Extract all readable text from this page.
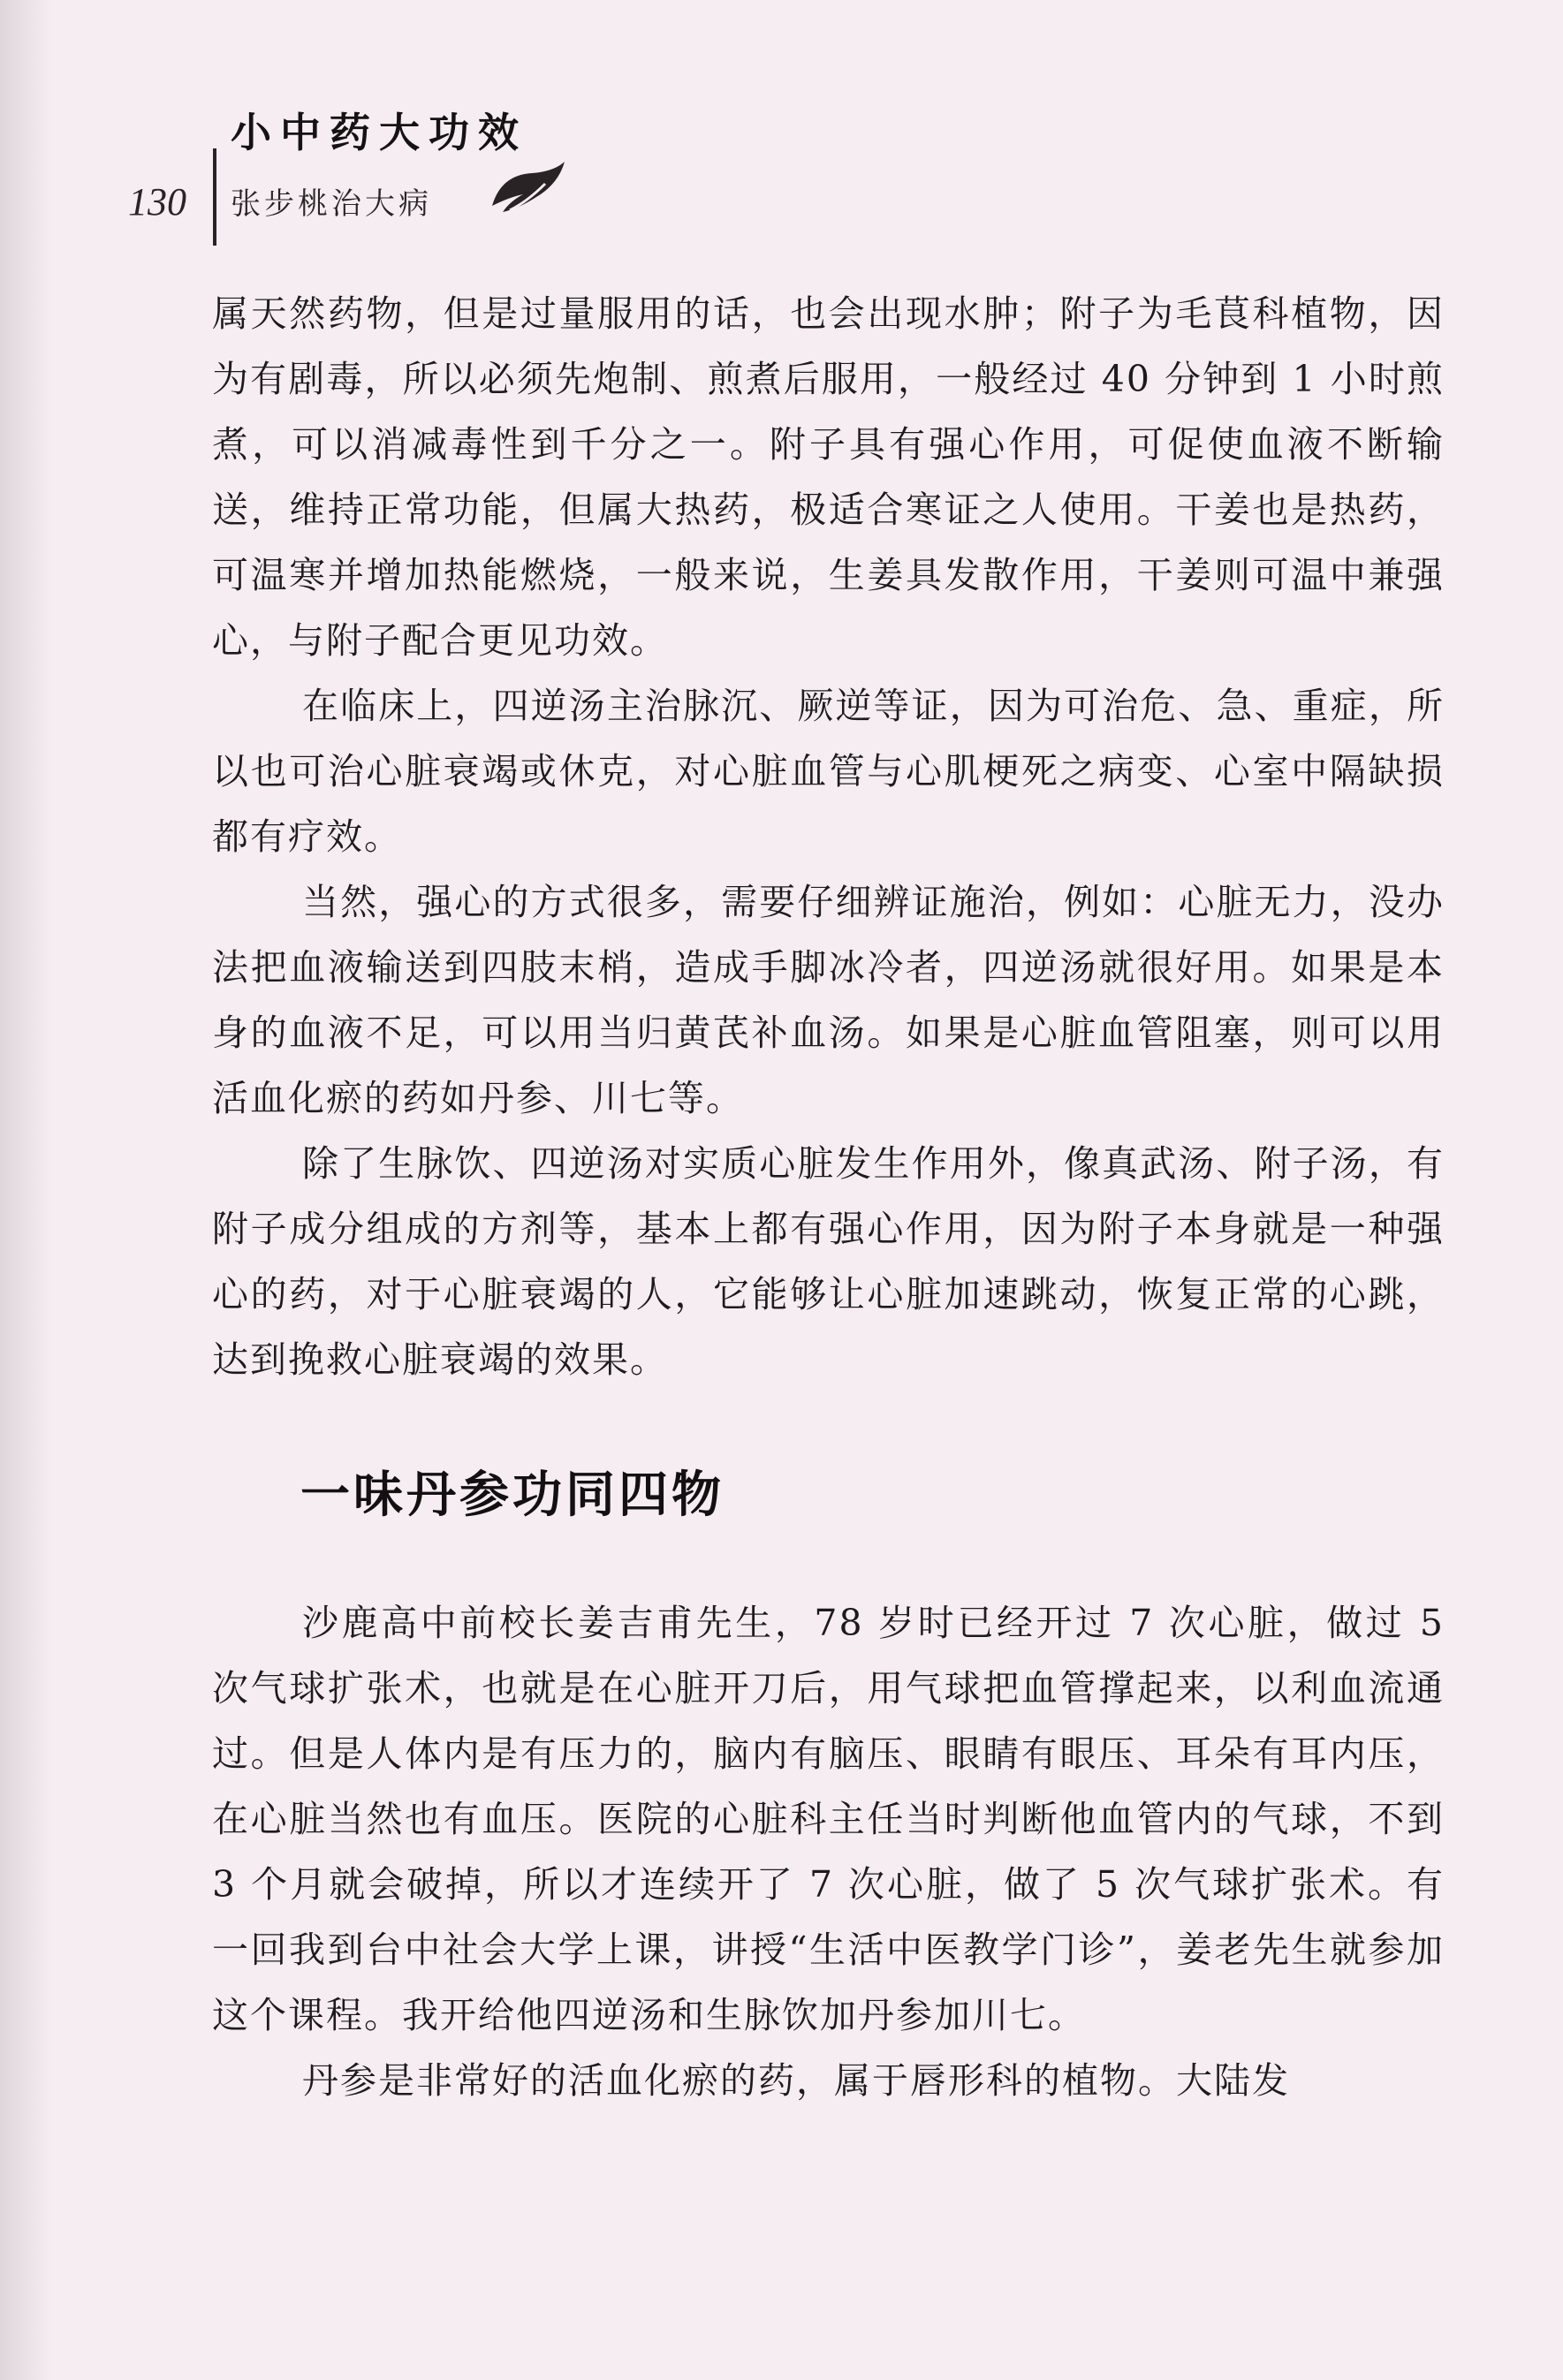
130
小中药大功效
张步桃治大病

属天然药物，但是过量服用的话，也会出现水肿；附子为毛茛科植物，因为有剧毒，所以必须先炮制、煎煮后服用，一般经过 40 分钟到 1 小时煎煮，可以消减毒性到千分之一。附子具有强心作用，可促使血液不断输送，维持正常功能，但属大热药，极适合寒证之人使用。干姜也是热药，可温寒并增加热能燃烧，一般来说，生姜具发散作用，干姜则可温中兼强心，与附子配合更见功效。

在临床上，四逆汤主治脉沉、厥逆等证，因为可治危、急、重症，所以也可治心脏衰竭或休克，对心脏血管与心肌梗死之病变、心室中隔缺损都有疗效。

当然，强心的方式很多，需要仔细辨证施治，例如：心脏无力，没办法把血液输送到四肢末梢，造成手脚冰冷者，四逆汤就很好用。如果是本身的血液不足，可以用当归黄芪补血汤。如果是心脏血管阻塞，则可以用活血化瘀的药如丹参、川七等。

除了生脉饮、四逆汤对实质心脏发生作用外，像真武汤、附子汤，有附子成分组成的方剂等，基本上都有强心作用，因为附子本身就是一种强心的药，对于心脏衰竭的人，它能够让心脏加速跳动，恢复正常的心跳，达到挽救心脏衰竭的效果。

一味丹参功同四物

沙鹿高中前校长姜吉甫先生，78 岁时已经开过 7 次心脏，做过 5 次气球扩张术，也就是在心脏开刀后，用气球把血管撑起来，以利血流通过。但是人体内是有压力的，脑内有脑压、眼睛有眼压、耳朵有耳内压，在心脏当然也有血压。医院的心脏科主任当时判断他血管内的气球，不到 3 个月就会破掉，所以才连续开了 7 次心脏，做了 5 次气球扩张术。有一回我到台中社会大学上课，讲授“生活中医教学门诊”，姜老先生就参加这个课程。我开给他四逆汤和生脉饮加丹参加川七。

丹参是非常好的活血化瘀的药，属于唇形科的植物。大陆发
